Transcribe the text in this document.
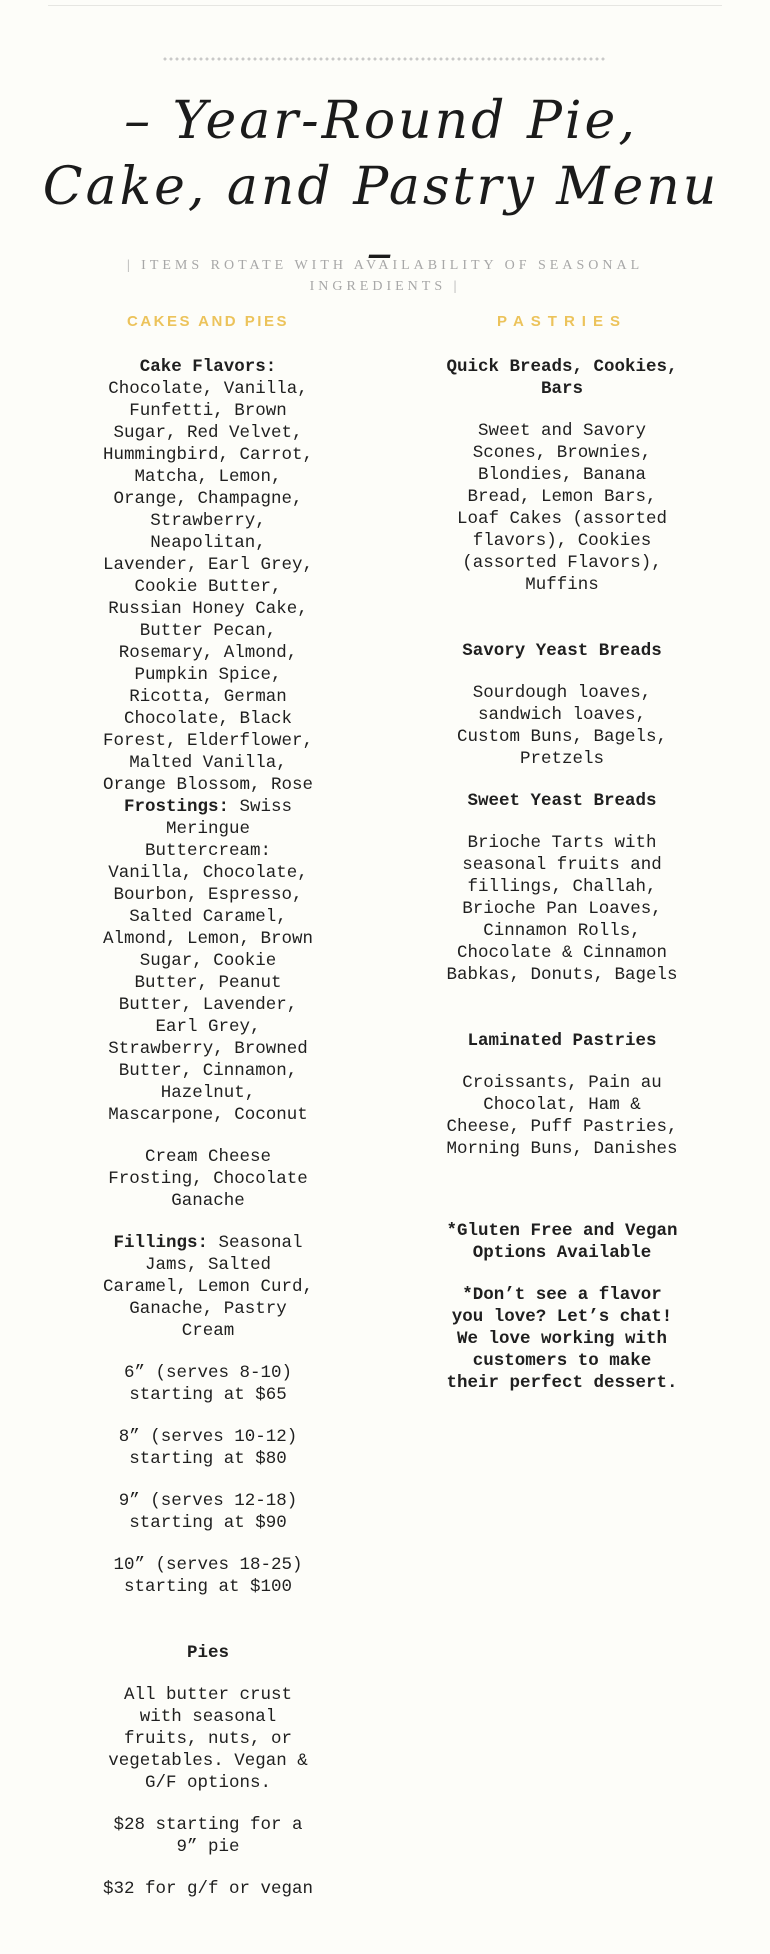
– Year-Round Pie, Cake, and Pastry Menu –
| ITEMS ROTATE WITH AVAILABILITY OF SEASONAL INGREDIENTS |
CAKES AND PIES

Cake Flavors:
Chocolate, Vanilla, Funfetti, Brown Sugar, Red Velvet, Hummingbird, Carrot, Matcha, Lemon, Orange, Champagne, Strawberry, Neapolitan, Lavender, Earl Grey, Cookie Butter, Russian Honey Cake, Butter Pecan, Rosemary, Almond, Pumpkin Spice, Ricotta, German Chocolate, Black Forest, Elderflower, Malted Vanilla, Orange Blossom, Rose

Frostings: Swiss Meringue Buttercream: Vanilla, Chocolate, Bourbon, Espresso, Salted Caramel, Almond, Lemon, Brown Sugar, Cookie Butter, Peanut Butter, Lavender, Earl Grey, Strawberry, Browned Butter, Cinnamon, Hazelnut, Mascarpone, Coconut

Cream Cheese Frosting, Chocolate Ganache

Fillings: Seasonal Jams, Salted Caramel, Lemon Curd, Ganache, Pastry Cream

6” (serves 8-10) starting at $65

8” (serves 10-12) starting at $80

9” (serves 12-18) starting at $90

10” (serves 18-25) starting at $100

Pies

All butter crust with seasonal fruits, nuts, or vegetables. Vegan & G/F options.

$28 starting for a 9” pie

$32 for g/f or vegan

PASTRIES

Quick Breads, Cookies, Bars

Sweet and Savory Scones, Brownies, Blondies, Banana Bread, Lemon Bars, Loaf Cakes (assorted flavors), Cookies (assorted Flavors), Muffins

Savory Yeast Breads

Sourdough loaves, sandwich loaves, Custom Buns, Bagels, Pretzels

Sweet Yeast Breads

Brioche Tarts with seasonal fruits and fillings, Challah, Brioche Pan Loaves, Cinnamon Rolls, Chocolate & Cinnamon Babkas, Donuts, Bagels

Laminated Pastries

Croissants, Pain au Chocolat, Ham & Cheese, Puff Pastries, Morning Buns, Danishes

*Gluten Free and Vegan Options Available

*Don’t see a flavor you love? Let’s chat! We love working with customers to make their perfect dessert.
